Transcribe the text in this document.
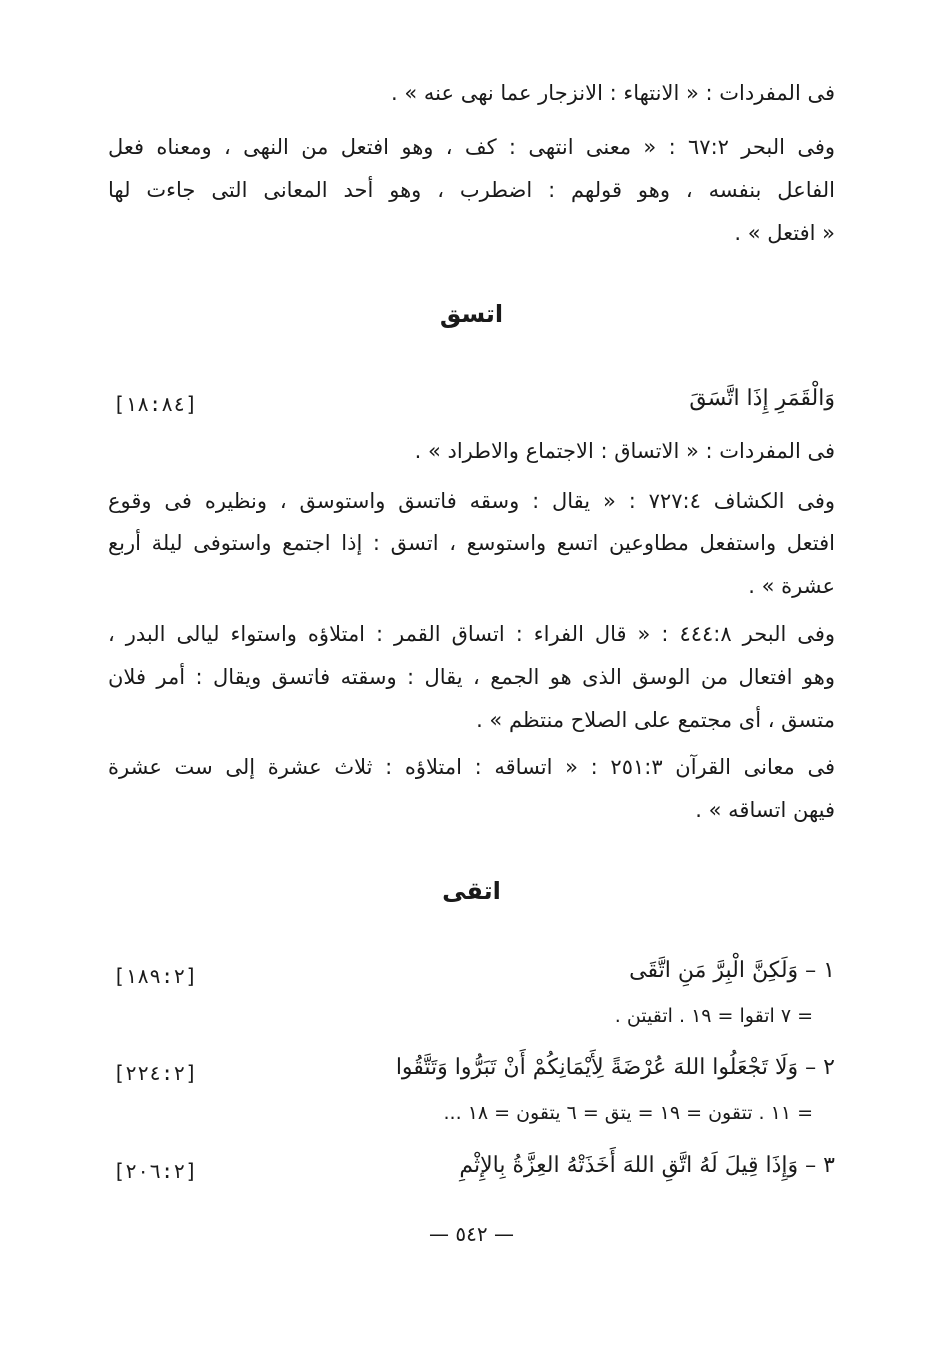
فى المفردات : « الانتهاء : الانزجار عما نهى عنه » .
وفى البحر ٦٧:٢ : « معنى انتهى : كف ، وهو افتعل من النهى ، ومعناه فعل
الفاعل بنفسه ، وهو قولهم : اضطرب ، وهو أحد المعانى التى جاءت لها
« افتعل » .
اتسق
وَالْقَمَرِ إِذَا اتَّسَقَ
[١٨:٨٤]
فى المفردات : « الاتساق : الاجتماع والاطراد » .
وفى الكشاف ٧٢٧:٤ : « يقال : وسقه فاتسق واستوسق ، ونظيره فى وقوع
افتعل واستفعل مطاوعين اتسع واستوسع ، اتسق : إذا اجتمع واستوفى ليلة أربع
عشرة » .
وفى البحر ٤٤٤:٨ : « قال الفراء : اتساق القمر : امتلاؤه واستواء ليالى البدر ،
وهو افتعال من الوسق الذى هو الجمع ، يقال : وسقته فاتسق ويقال : أمر فلان
متسق ، أى مجتمع على الصلاح منتظم » .
فى معانى القرآن ٢٥١:٣ : « اتساقه : امتلاؤه : ثلاث عشرة إلى ست عشرة
فيهن اتساقه » .
اتقى
١ – وَلَكِنَّ الْبِرَّ مَنِ اتَّقَى
[١٨٩:٢]
= ٧ اتقوا = ١٩ . اتقيتن .
٢ – وَلَا تَجْعَلُوا اللهَ عُرْضَةً لِأَيْمَانِكُمْ أَنْ تَبَرُّوا وَتَتَّقُوا
[٢٢٤:٢]
= ١١ . تتقون = ١٩ = يتق = ٦ يتقون = ١٨ ...
٣ – وَإِذَا قِيلَ لَهُ اتَّقِ اللهَ أَخَذَتْهُ العِزَّةُ بِالإِثْمِ
[٢٠٦:٢]
— ٥٤٢ —
